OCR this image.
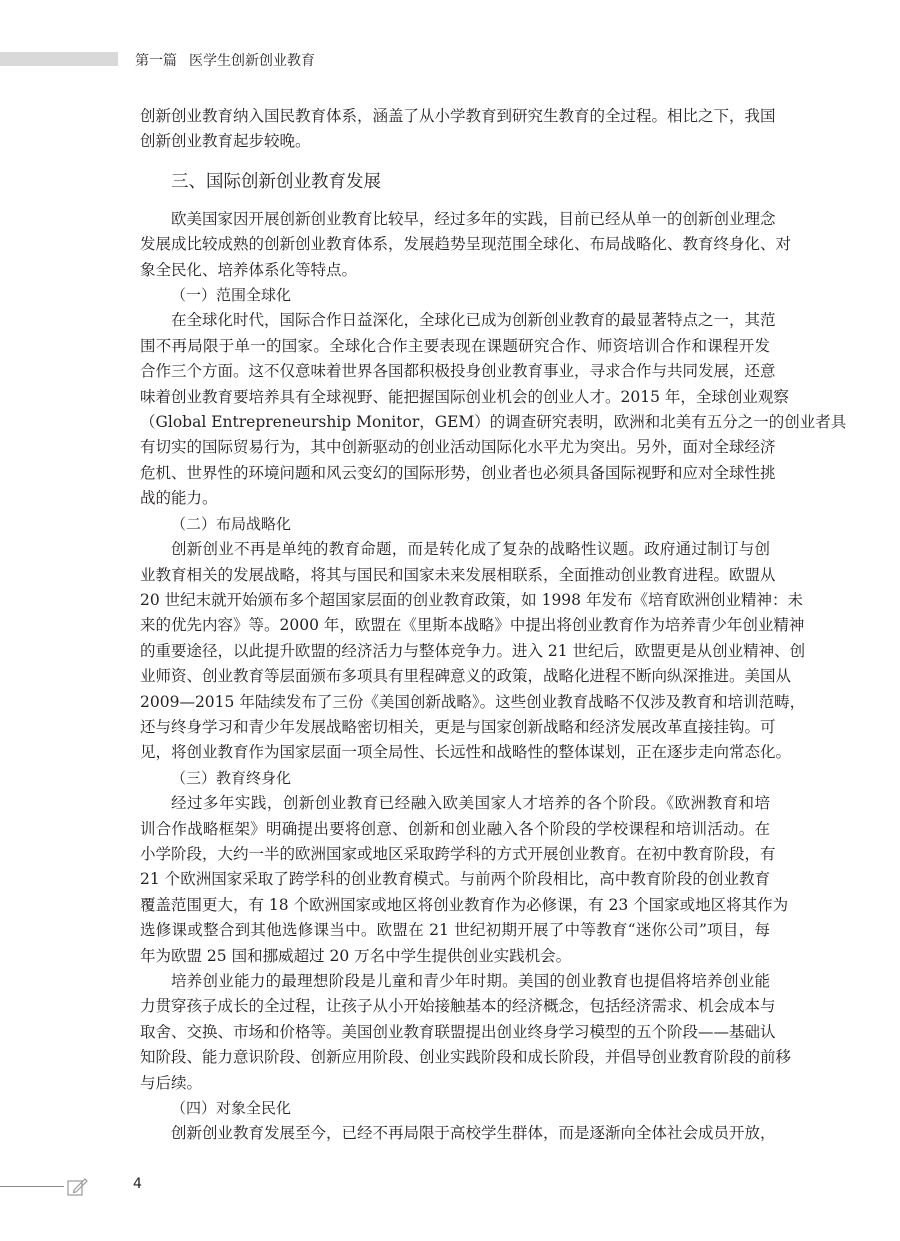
第一篇 医学生创新创业教育

创新创业教育纳入国民教育体系，涵盖了从小学教育到研究生教育的全过程。相比之下，我国
创新创业教育起步较晚。

三、国际创新创业教育发展

欧美国家因开展创新创业教育比较早，经过多年的实践，目前已经从单一的创新创业理念
发展成比较成熟的创新创业教育体系，发展趋势呈现范围全球化、布局战略化、教育终身化、对
象全民化、培养体系化等特点。

（一）范围全球化

在全球化时代，国际合作日益深化，全球化已成为创新创业教育的最显著特点之一，其范
围不再局限于单一的国家。全球化合作主要表现在课题研究合作、师资培训合作和课程开发
合作三个方面。这不仅意味着世界各国都积极投身创业教育事业，寻求合作与共同发展，还意
味着创业教育要培养具有全球视野、能把握国际创业机会的创业人才。2015 年，全球创业观察
（Global Entrepreneurship Monitor，GEM）的调查研究表明，欧洲和北美有五分之一的创业者具
有切实的国际贸易行为，其中创新驱动的创业活动国际化水平尤为突出。另外，面对全球经济
危机、世界性的环境问题和风云变幻的国际形势，创业者也必须具备国际视野和应对全球性挑
战的能力。

（二）布局战略化

创新创业不再是单纯的教育命题，而是转化成了复杂的战略性议题。政府通过制订与创
业教育相关的发展战略，将其与国民和国家未来发展相联系，全面推动创业教育进程。欧盟从
20 世纪末就开始颁布多个超国家层面的创业教育政策，如 1998 年发布《培育欧洲创业精神：未
来的优先内容》等。2000 年，欧盟在《里斯本战略》中提出将创业教育作为培养青少年创业精神
的重要途径，以此提升欧盟的经济活力与整体竞争力。进入 21 世纪后，欧盟更是从创业精神、创
业师资、创业教育等层面颁布多项具有里程碑意义的政策，战略化进程不断向纵深推进。美国从
2009—2015 年陆续发布了三份《美国创新战略》。这些创业教育战略不仅涉及教育和培训范畴，
还与终身学习和青少年发展战略密切相关，更是与国家创新战略和经济发展改革直接挂钩。可
见，将创业教育作为国家层面一项全局性、长远性和战略性的整体谋划，正在逐步走向常态化。

（三）教育终身化

经过多年实践，创新创业教育已经融入欧美国家人才培养的各个阶段。《欧洲教育和培
训合作战略框架》明确提出要将创意、创新和创业融入各个阶段的学校课程和培训活动。在
小学阶段，大约一半的欧洲国家或地区采取跨学科的方式开展创业教育。在初中教育阶段，有
21 个欧洲国家采取了跨学科的创业教育模式。与前两个阶段相比，高中教育阶段的创业教育
覆盖范围更大，有 18 个欧洲国家或地区将创业教育作为必修课，有 23 个国家或地区将其作为
选修课或整合到其他选修课当中。欧盟在 21 世纪初期开展了中等教育“迷你公司”项目，每
年为欧盟 25 国和挪威超过 20 万名中学生提供创业实践机会。

培养创业能力的最理想阶段是儿童和青少年时期。美国的创业教育也提倡将培养创业能
力贯穿孩子成长的全过程，让孩子从小开始接触基本的经济概念，包括经济需求、机会成本与
取舍、交换、市场和价格等。美国创业教育联盟提出创业终身学习模型的五个阶段——基础认
知阶段、能力意识阶段、创新应用阶段、创业实践阶段和成长阶段，并倡导创业教育阶段的前移
与后续。

（四）对象全民化

创新创业教育发展至今，已经不再局限于高校学生群体，而是逐渐向全体社会成员开放，

4
